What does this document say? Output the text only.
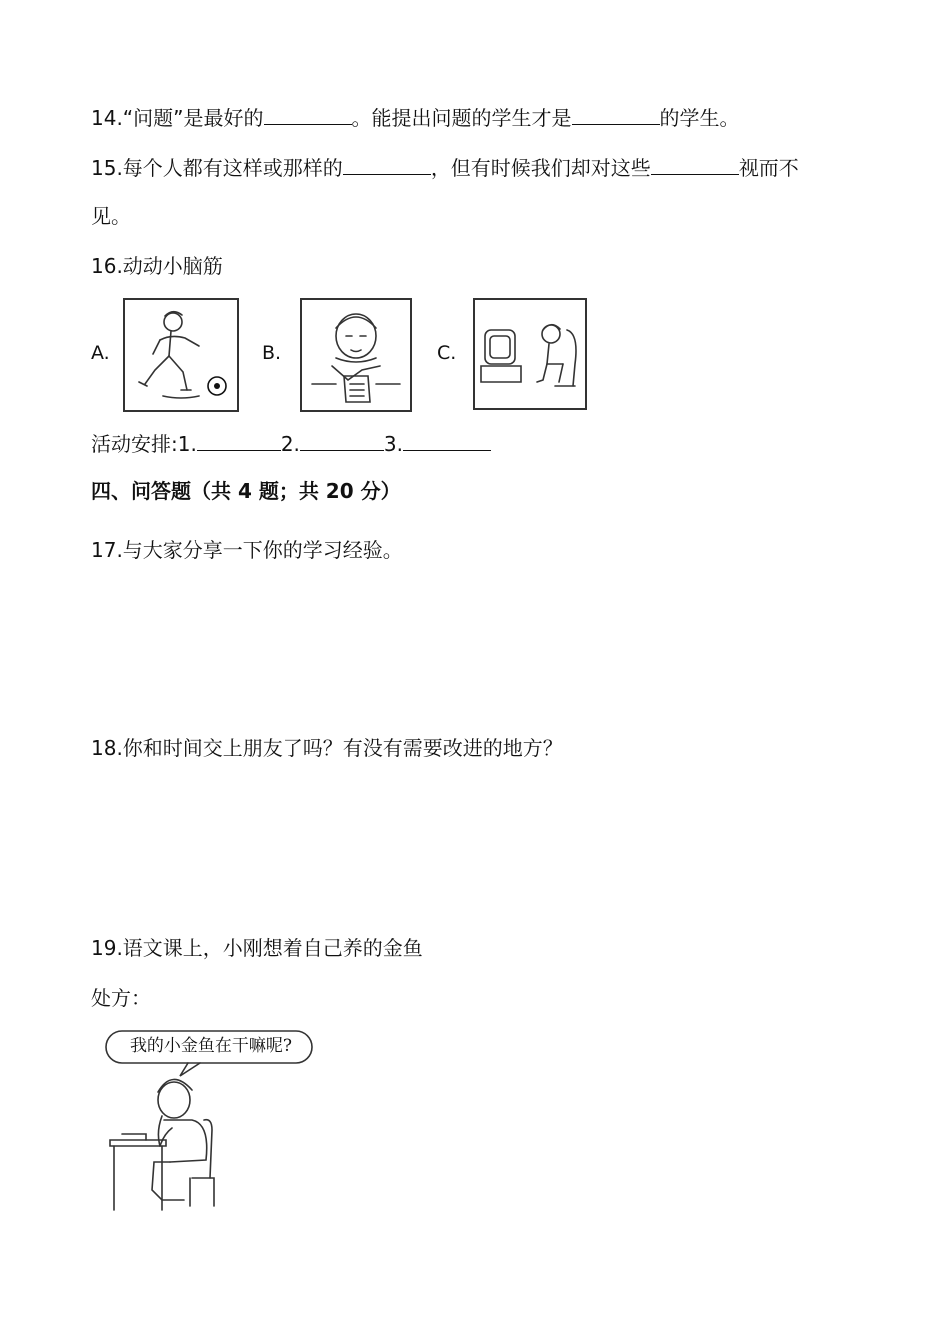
14.“问题”是最好的	。能提出问题的学生才是	的学生。
15.每个人都有这样或那样的	，但有时候我们却对这些	视而不
见。
16.动动小脑筋
A.	B.	C.
活动安排:1.	2.	3.
四、问答题（共 4 题；共 20 分）
17.与大家分享一下你的学习经验。
18.你和时间交上朋友了吗？有没有需要改进的地方？
19.语文课上，小刚想着自己养的金鱼
处方：
我的小金鱼在干嘛呢?
